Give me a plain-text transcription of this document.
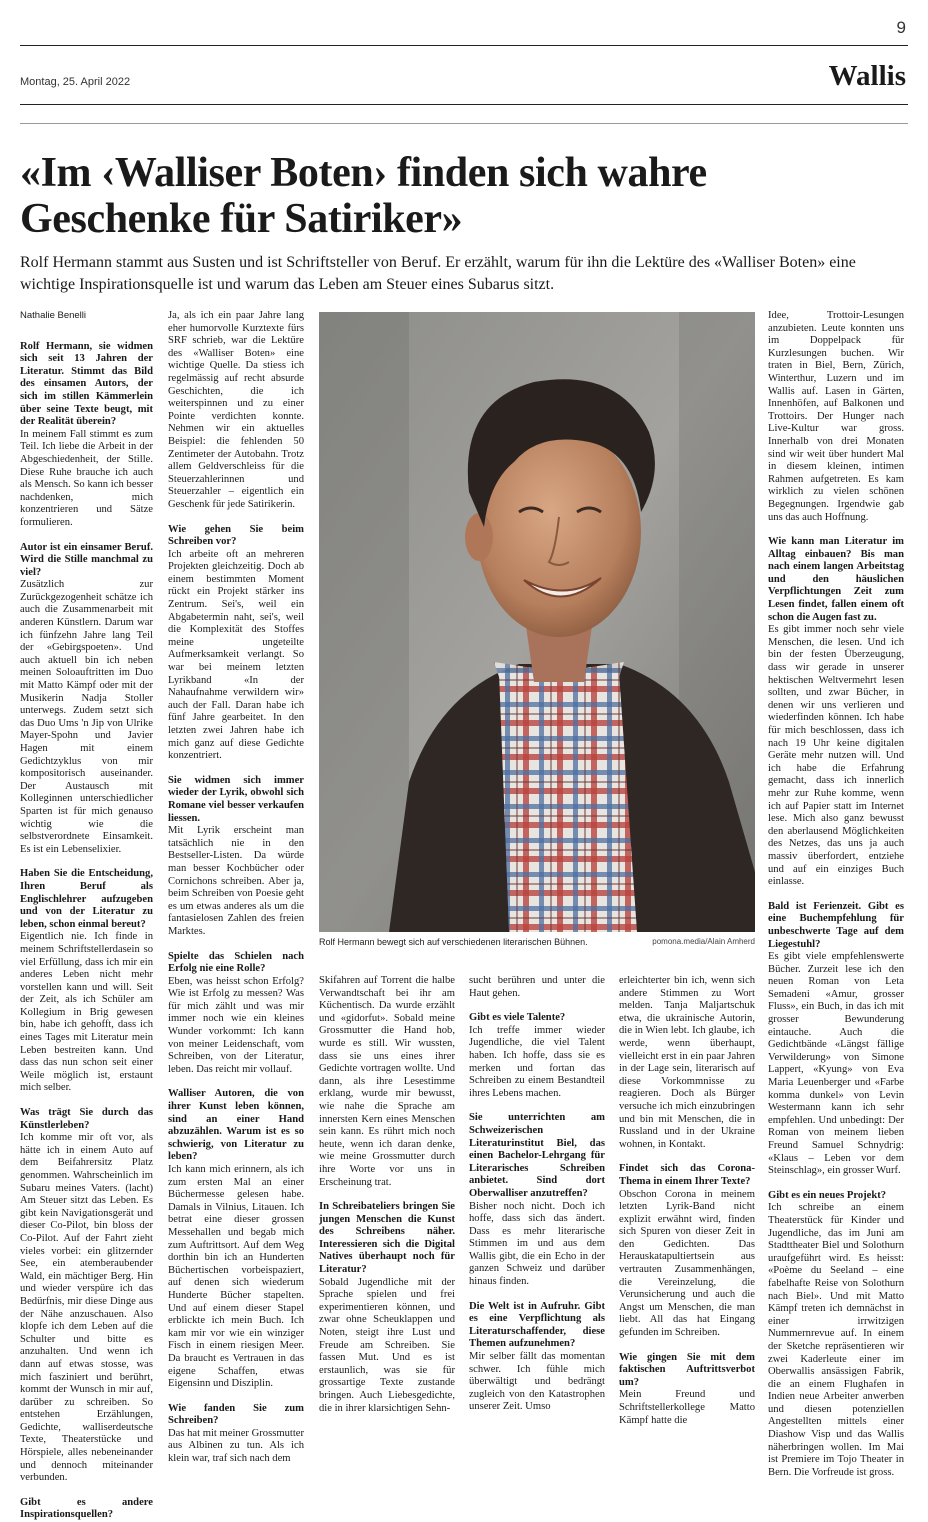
9
Montag, 25. April 2022	Wallis
«Im ‹Walliser Boten› finden sich wahre Geschenke für Satiriker»

Rolf Hermann stammt aus Susten und ist Schriftsteller von Beruf. Er erzählt, warum für ihn die Lektüre des «Walliser Boten» eine wichtige Inspirationsquelle ist und warum das Leben am Steuer eines Subarus sitzt.

Nathalie Benelli

Rolf Hermann, sie widmen sich seit 13 Jahren der Literatur. Stimmt das Bild des einsamen Autors, der sich im stillen Kämmerlein über seine Texte beugt, mit der Realität überein?
In meinem Fall stimmt es zum Teil. Ich liebe die Arbeit in der Abgeschiedenheit, der Stille. Diese Ruhe brauche ich auch als Mensch. So kann ich besser nachdenken, mich konzentrieren und Sätze formulieren.

Autor ist ein einsamer Beruf. Wird die Stille manchmal zu viel?
Zusätzlich zur Zurückgezogenheit schätze ich auch die Zusammenarbeit mit anderen Künstlern. Darum war ich fünfzehn Jahre lang Teil der «Gebirgspoeten». Und auch aktuell bin ich neben meinen Soloauftritten im Duo mit Matto Kämpf oder mit der Musikerin Nadja Stoller unterwegs. Zudem setzt sich das Duo Ums 'n Jip von Ulrike Mayer-Spohn und Javier Hagen mit einem Gedichtzyklus von mir kompositorisch auseinander. Der Austausch mit Kolleginnen unterschiedlicher Sparten ist für mich genauso wichtig wie die selbstverordnete Einsamkeit. Es ist ein Lebenselixier.

Haben Sie die Entscheidung, Ihren Beruf als Englischlehrer aufzugeben und von der Literatur zu leben, schon einmal bereut?
Eigentlich nie. Ich finde in meinem Schriftstellerdasein so viel Erfüllung, dass ich mir ein anderes Leben nicht mehr vorstellen kann und will. Seit der Zeit, als ich Schüler am Kollegium in Brig gewesen bin, habe ich gehofft, dass ich eines Tages mit Literatur mein Leben bestreiten kann. Und dass das nun schon seit einer Weile möglich ist, erstaunt mich selber.

Was trägt Sie durch das Künstlerleben?
Ich komme mir oft vor, als hätte ich in einem Auto auf dem Beifahrersitz Platz genommen. Wahrscheinlich im Subaru meines Vaters. (lacht) Am Steuer sitzt das Leben. Es gibt kein Navigationsgerät und dieser Co-Pilot, bin bloss der Co-Pilot. Auf der Fahrt zieht vieles vorbei: ein glitzernder See, ein atemberaubender Wald, ein mächtiger Berg. Hin und wieder verspüre ich das Bedürfnis, mir diese Dinge aus der Nähe anzuschauen. Also klopfe ich dem Leben auf die Schulter und bitte es anzuhalten. Und wenn ich dann auf etwas stosse, was mich fasziniert und berührt, kommt der Wunsch in mir auf, darüber zu schreiben. So entstehen Erzählungen, Gedichte, walliserdeutsche Texte, Theaterstücke und Hörspiele, alles nebeneinander und dennoch miteinander verbunden.

Gibt es andere Inspirationsquellen?

Ja, als ich ein paar Jahre lang eher humorvolle Kurztexte fürs SRF schrieb, war die Lektüre des «Walliser Boten» eine wichtige Quelle. Da stiess ich regelmässig auf recht absurde Geschichten, die ich weiterspinnen und zu einer Pointe verdichten konnte. Nehmen wir ein aktuelles Beispiel: die fehlenden 50 Zentimeter der Autobahn. Trotz allem Geldverschleiss für die Steuerzahlerinnen und Steuerzahler – eigentlich ein Geschenk für jede Satirikerin.

Wie gehen Sie beim Schreiben vor?
Ich arbeite oft an mehreren Projekten gleichzeitig. Doch ab einem bestimmten Moment rückt ein Projekt stärker ins Zentrum. Sei's, weil ein Abgabetermin naht, sei's, weil die Komplexität des Stoffes meine ungeteilte Aufmerksamkeit verlangt. So war bei meinem letzten Lyrikband «In der Nahaufnahme verwildern wir» auch der Fall. Daran habe ich fünf Jahre gearbeitet. In den letzten zwei Jahren habe ich mich ganz auf diese Gedichte konzentriert.

Sie widmen sich immer wieder der Lyrik, obwohl sich Romane viel besser verkaufen liessen.
Mit Lyrik erscheint man tatsächlich nie in den Bestseller-Listen. Da würde man besser Kochbücher oder Cornichons schreiben. Aber ja, beim Schreiben von Poesie geht es um etwas anderes als um die fantasielosen Zahlen des freien Marktes.

Spielte das Schielen nach Erfolg nie eine Rolle?
Eben, was heisst schon Erfolg? Wie ist Erfolg zu messen? Was für mich zählt und was mir immer noch wie ein kleines Wunder vorkommt: Ich kann von meiner Leidenschaft, vom Schreiben, von der Literatur, leben. Das reicht mir vollauf.

Walliser Autoren, die von ihrer Kunst leben können, sind an einer Hand abzuzählen. Warum ist es so schwierig, von Literatur zu leben?
Ich kann mich erinnern, als ich zum ersten Mal an einer Büchermesse gelesen habe. Damals in Vilnius, Litauen. Ich betrat eine dieser grossen Messehallen und begab mich zum Auftrittsort. Auf dem Weg dorthin bin ich an Hunderten Büchertischen vorbeispaziert, auf denen sich wiederum Hunderte Bücher stapelten. Und auf einem dieser Stapel erblickte ich mein Buch. Ich kam mir vor wie ein winziger Fisch in einem riesigen Meer. Da braucht es Vertrauen in das eigene Schaffen, etwas Eigensinn und Disziplin.

Wie fanden Sie zum Schreiben?
Das hat mit meiner Grossmutter aus Albinen zu tun. Als ich klein war, traf sich nach dem

Skifahren auf Torrent die halbe Verwandtschaft bei ihr am Küchentisch. Da wurde erzählt und «gidorfut». Sobald meine Grossmutter die Hand hob, wurde es still. Wir wussten, dass sie uns eines ihrer Gedichte vortragen wollte. Und dann, als ihre Lesestimme erklang, wurde mir bewusst, wie nahe die Sprache am innersten Kern eines Menschen sein kann. Es rührt mich noch heute, wenn ich daran denke, wie meine Grossmutter durch ihre Worte vor uns in Erscheinung trat.

In Schreibateliers bringen Sie jungen Menschen die Kunst des Schreibens näher. Interessieren sich die Digital Natives überhaupt noch für Literatur?
Sobald Jugendliche mit der Sprache spielen und frei experimentieren können, und zwar ohne Scheuklappen und Noten, steigt ihre Lust und Freude am Schreiben. Sie fassen Mut. Und es ist erstaunlich, was sie für grossartige Texte zustande bringen. Auch Liebesgedichte, die in ihrer klarsichtigen Sehn-

sucht berühren und unter die Haut gehen.

Gibt es viele Talente?
Ich treffe immer wieder Jugendliche, die viel Talent haben. Ich hoffe, dass sie es merken und fortan das Schreiben zu einem Bestandteil ihres Lebens machen.

Sie unterrichten am Schweizerischen Literaturinstitut Biel, das einen Bachelor-Lehrgang für Literarisches Schreiben anbietet. Sind dort Oberwalliser anzutreffen?
Bisher noch nicht. Doch ich hoffe, dass sich das ändert. Dass es mehr literarische Stimmen im und aus dem Wallis gibt, die ein Echo in der ganzen Schweiz und darüber hinaus finden.

Die Welt ist in Aufruhr. Gibt es eine Verpflichtung als Literaturschaffender, diese Themen aufzunehmen?
Mir selber fällt das momentan schwer. Ich fühle mich überwältigt und bedrängt zugleich von den Katastrophen unserer Zeit. Umso

erleichterter bin ich, wenn sich andere Stimmen zu Wort melden. Tanja Maljartschuk etwa, die ukrainische Autorin, die in Wien lebt. Ich glaube, ich werde, wenn überhaupt, vielleicht erst in ein paar Jahren in der Lage sein, literarisch auf diese Vorkommnisse zu reagieren. Doch als Bürger versuche ich mich einzubringen und bin mit Menschen, die in Russland und in der Ukraine wohnen, in Kontakt.

Findet sich das Corona-Thema in einem Ihrer Texte?
Obschon Corona in meinem letzten Lyrik-Band nicht explizit erwähnt wird, finden sich Spuren von dieser Zeit in den Gedichten. Das Herauskatapultiertsein aus vertrauten Zusammenhängen, die Vereinzelung, die Verunsicherung und auch die Angst um Menschen, die man liebt. All das hat Eingang gefunden im Schreiben.

Wie gingen Sie mit dem faktischen Auftrittsverbot um?
Mein Freund und Schriftstellerkollege Matto Kämpf hatte die

Idee, Trottoir-Lesungen anzubieten. Leute konnten uns im Doppelpack für Kurzlesungen buchen. Wir traten in Biel, Bern, Zürich, Winterthur, Luzern und im Wallis auf. Lasen in Gärten, Innenhöfen, auf Balkonen und Trottoirs. Der Hunger nach Live-Kultur war gross. Innerhalb von drei Monaten sind wir weit über hundert Mal in diesem kleinen, intimen Rahmen aufgetreten. Es kam wirklich zu vielen schönen Begegnungen. Irgendwie gab uns das auch Hoffnung.

Wie kann man Literatur im Alltag einbauen? Bis man nach einem langen Arbeitstag und den häuslichen Verpflichtungen Zeit zum Lesen findet, fallen einem oft schon die Augen fast zu.
Es gibt immer noch sehr viele Menschen, die lesen. Und ich bin der festen Überzeugung, dass wir gerade in unserer hektischen Weltvermehrt lesen sollten, und zwar Bücher, in denen wir uns verlieren und wiederfinden können. Ich habe für mich beschlossen, dass ich nach 19 Uhr keine digitalen Geräte mehr nutzen will. Und ich habe die Erfahrung gemacht, dass ich innerlich mehr zur Ruhe komme, wenn ich auf Papier statt im Internet lese. Mich also ganz bewusst den aberlausend Möglichkeiten des Netzes, das uns ja auch massiv überfordert, entziehe und auf ein einziges Buch einlasse.

Bald ist Ferienzeit. Gibt es eine Buchempfehlung für unbeschwerte Tage auf dem Liegestuhl?
Es gibt viele empfehlenswerte Bücher. Zurzeit lese ich den neuen Roman von Leta Semadeni «Amur, grosser Fluss», ein Buch, in das ich mit grosser Bewunderung eintauche. Auch die Gedichtbände «Längst fällige Verwilderung» von Simone Lappert, «Kyung» von Eva Maria Leuenberger und «Farbe komma dunkel» von Levin Westermann kann ich sehr empfehlen. Und unbedingt: Der Roman von meinem lieben Freund Samuel Schnydrig: «Klaus – Leben vor dem Steinschlag», ein grosser Wurf.

Gibt es ein neues Projekt?
Ich schreibe an einem Theaterstück für Kinder und Jugendliche, das im Juni am Stadttheater Biel und Solothurn uraufgeführt wird. Es heisst: «Poème du Seeland – eine fabelhafte Reise von Solothurn nach Biel». Und mit Matto Kämpf treten ich demnächst in einer irrwitzigen Nummernrevue auf. In einem der Sketche repräsentieren wir zwei Kaderleute einer im Oberwallis ansässigen Fabrik, die an einem Flughafen in Indien neue Arbeiter anwerben und diesen potenziellen Angestellten mittels einer Diashow Visp und das Wallis näherbringen wollen. Im Mai ist Premiere im Tojo Theater in Bern. Die Vorfreude ist gross.

Rolf Hermann bewegt sich auf verschiedenen literarischen Bühnen.	pomona.media/Alain Amherd
